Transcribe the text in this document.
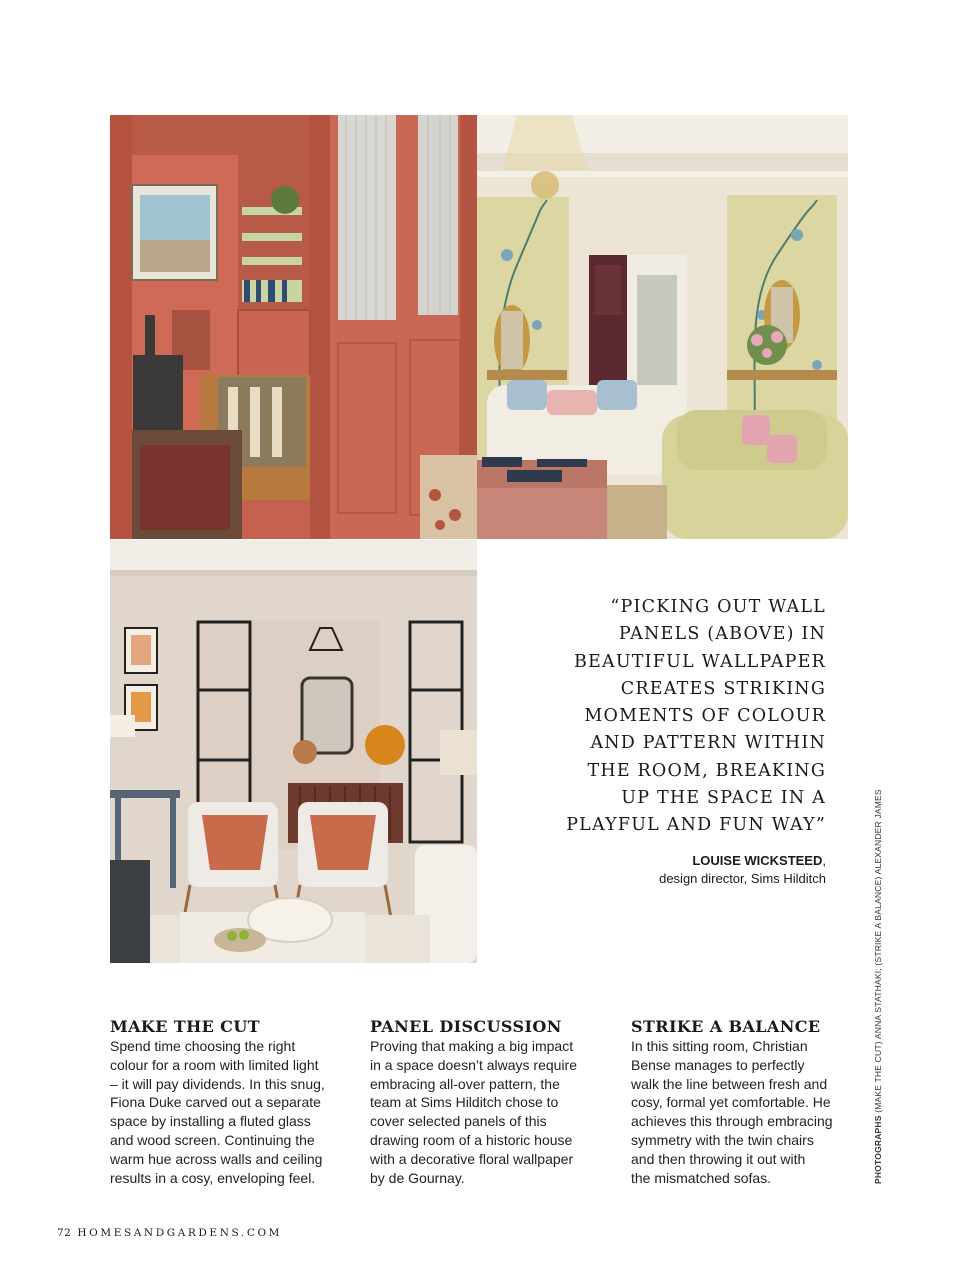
“PICKING OUT WALL
PANELS (ABOVE) IN
BEAUTIFUL WALLPAPER
CREATES STRIKING
MOMENTS OF COLOUR
AND PATTERN WITHIN
THE ROOM, BREAKING
UP THE SPACE IN A
PLAYFUL AND FUN WAY”
LOUISE WICKSTEED,
design director, Sims Hilditch
MAKE THE CUT

Spend time choosing the right

colour for a room with limited light

– it will pay dividends. In this snug,

Fiona Duke carved out a separate

space by installing a fluted glass

and wood screen. Continuing the

warm hue across walls and ceiling

results in a cosy, enveloping feel.

PANEL DISCUSSION

Proving that making a big impact

in a space doesn’t always require

embracing all-over pattern, the

team at Sims Hilditch chose to

cover selected panels of this

drawing room of a historic house

with a decorative floral wallpaper

by de Gournay.

STRIKE A BALANCE

In this sitting room, Christian

Bense manages to perfectly

walk the line between fresh and

cosy, formal yet comfortable. He

achieves this through embracing

symmetry with the twin chairs

and then throwing it out with

the mismatched sofas.	PHOTOGRAPHS (MAKE THE CUT) ANNA STATHAKI; (STRIKE A BALANCE) ALEXANDER JAMES
72 HOMESANDGARDENS.COM
